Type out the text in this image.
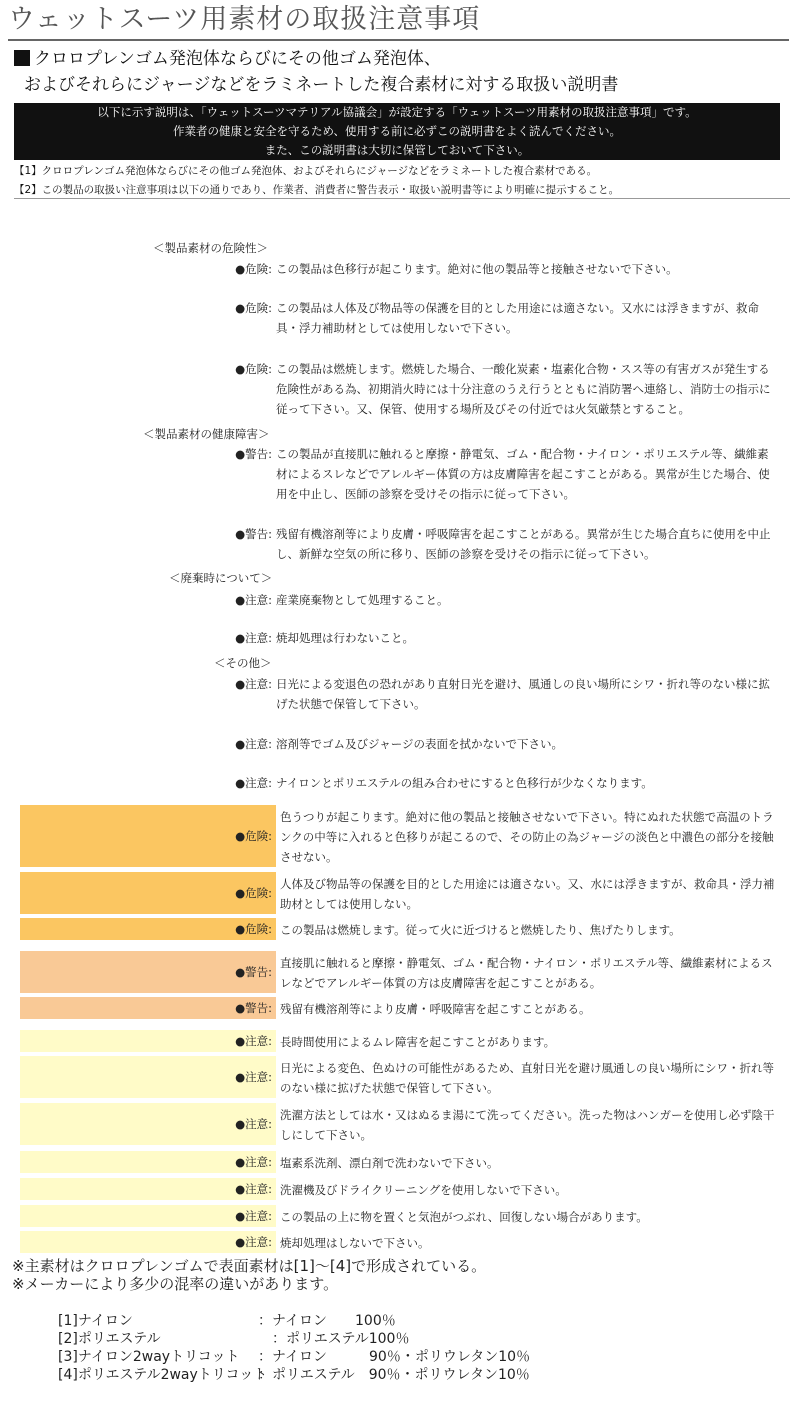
ウェットスーツ用素材の取扱注意事項
クロロプレンゴム発泡体ならびにその他ゴム発泡体、
およびそれらにジャージなどをラミネートした複合素材に対する取扱い説明書
以下に示す説明は、「ウェットスーツマテリアル協議会」が設定する「ウェットスーツ用素材の取扱注意事項」です。
作業者の健康と安全を守るため、使用する前に必ずこの説明書をよく読んでください。
また、この説明書は大切に保管しておいて下さい。
【1】クロロプレンゴム発泡体ならびにその他ゴム発泡体、およびそれらにジャージなどをラミネートした複合素材である。
【2】この製品の取扱い注意事項は以下の通りであり、作業者、消費者に警告表示・取扱い説明書等により明確に提示すること。
＜製品素材の危険性＞
●危険: この製品は色移行が起こります。絶対に他の製品等と接触させないで下さい。
●危険: この製品は人体及び物品等の保護を目的とした用途には適さない。又水には浮きますが、救命具・浮力補助材としては使用しないで下さい。
●危険: この製品は燃焼します。燃焼した場合、一酸化炭素・塩素化合物・スス等の有害ガスが発生する危険性がある為、初期消火時には十分注意のうえ行うとともに消防署へ連絡し、消防士の指示に従って下さい。又、保管、使用する場所及びその付近では火気厳禁とすること。
＜製品素材の健康障害＞
●警告: この製品が直接肌に触れると摩擦・静電気、ゴム・配合物・ナイロン・ポリエステル等、繊維素材によるスレなどでアレルギー体質の方は皮膚障害を起こすことがある。異常が生じた場合、使用を中止し、医師の診察を受けその指示に従って下さい。
●警告: 残留有機溶剤等により皮膚・呼吸障害を起こすことがある。異常が生じた場合直ちに使用を中止し、新鮮な空気の所に移り、医師の診察を受けその指示に従って下さい。
＜廃棄時について＞
●注意: 産業廃棄物として処理すること。
●注意: 焼却処理は行わないこと。
＜その他＞
●注意: 日光による変退色の恐れがあり直射日光を避け、風通しの良い場所にシワ・折れ等のない様に拡げた状態で保管して下さい。
●注意: 溶剤等でゴム及びジャージの表面を拭かないで下さい。
●注意: ナイロンとポリエステルの組み合わせにすると色移行が少なくなります。
●危険:
色うつりが起こります。絶対に他の製品と接触させないで下さい。特にぬれた状態で高温のトランクの中等に入れると色移りが起こるので、その防止の為ジャージの淡色と中濃色の部分を接触させない。
●危険:
人体及び物品等の保護を目的とした用途には適さない。又、水には浮きますが、救命具・浮力補助材としては使用しない。
●危険: この製品は燃焼します。従って火に近づけると燃焼したり、焦げたりします。
●警告:
直接肌に触れると摩擦・静電気、ゴム・配合物・ナイロン・ポリエステル等、繊維素材によるスレなどでアレルギー体質の方は皮膚障害を起こすことがある。
●警告: 残留有機溶剤等により皮膚・呼吸障害を起こすことがある。
●注意: 長時間使用によるムレ障害を起こすことがあります。
●注意:
日光による変色、色ぬけの可能性があるため、直射日光を避け風通しの良い場所にシワ・折れ等のない様に拡げた状態で保管して下さい。
●注意:
洗濯方法としては水・又はぬるま湯にて洗ってください。洗った物はハンガーを使用し必ず陰干しにして下さい。
●注意: 塩素系洗剤、漂白剤で洗わないで下さい。
●注意: 洗濯機及びドライクリーニングを使用しないで下さい。
●注意: この製品の上に物を置くと気泡がつぶれ、回復しない場合があります。
●注意: 焼却処理はしないで下さい。
※主素材はクロロプレンゴムで表面素材は[1]～[4]で形成されている。
※メーカーにより多少の混率の違いがあります。
[1]ナイロン	：ナイロン　　100％
[2]ポリエステル	　：ポリエステル100％
[3]ナイロン2wayトリコット ：ナイロン　　　90％・ポリウレタン10％
[4]ポリエステル2wayトリコット：ポリエステル　90％・ポリウレタン10％
